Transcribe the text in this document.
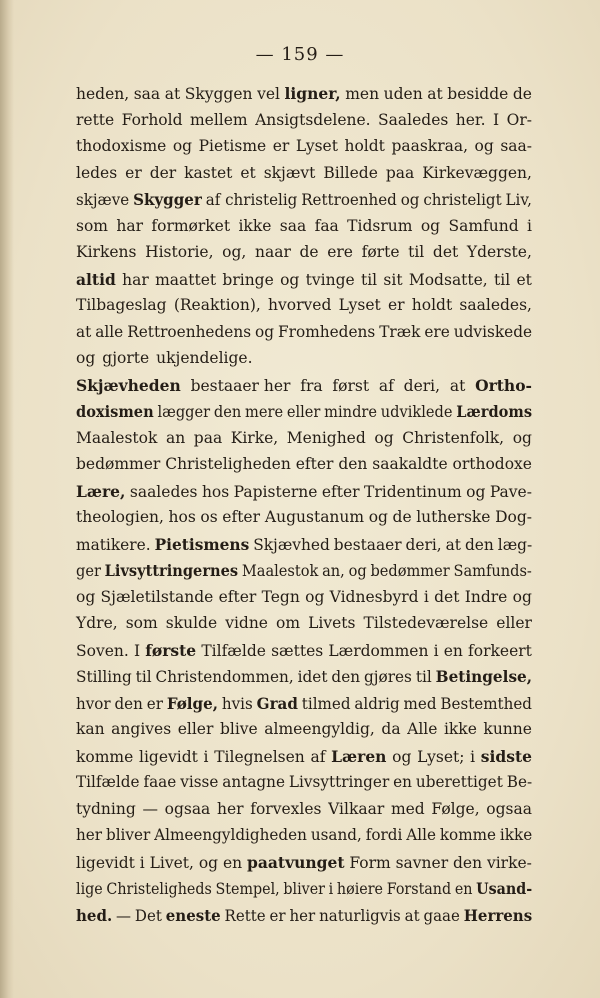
— 159 —
heden, saa at Skyggen vel ligner, men uden at besidde de
rette Forhold mellem Ansigtsdelene. Saaledes her. I Or-
thodoxisme og Pietisme er Lyset holdt paaskraa, og saa-
ledes er der kastet et skjævt Billede paa Kirkevæggen,
skjæve Skygger af christelig Rettroenhed og christeligt Liv,
som har formørket ikke saa faa Tidsrum og Samfund i
Kirkens Historie, og, naar de ere førte til det Yderste,
altid har maattet bringe og tvinge til sit Modsatte, til et
Tilbageslag (Reaktion), hvorved Lyset er holdt saaledes,
at alle Rettroenhedens og Fromhedens Træk ere udviskede
og gjorte ukjendelige.
Skjævheden bestaaer her fra først af deri, at Ortho-
doxismen lægger den mere eller mindre udviklede Lærdoms
Maalestok an paa Kirke, Menighed og Christenfolk, og
bedømmer Christeligheden efter den saakaldte orthodoxe
Lære, saaledes hos Papisterne efter Tridentinum og Pave-
theologien, hos os efter Augustanum og de lutherske Dog-
matikere. Pietismens Skjævhed bestaaer deri, at den læg-
ger Livsyttringernes Maalestok an, og bedømmer Samfunds-
og Sjæletilstande efter Tegn og Vidnesbyrd i det Indre og
Ydre, som skulde vidne om Livets Tilstedeværelse eller
Soven. I første Tilfælde sættes Lærdommen i en forkeert
Stilling til Christendommen, idet den gjøres til Betingelse,
hvor den er Følge, hvis Grad tilmed aldrig med Bestemthed
kan angives eller blive almeengyldig, da Alle ikke kunne
komme ligevidt i Tilegnelsen af Læren og Lyset; i sidste
Tilfælde faae visse antagne Livsyttringer en uberettiget Be-
tydning — ogsaa her forvexles Vilkaar med Følge, ogsaa
her bliver Almeengyldigheden usand, fordi Alle komme ikke
ligevidt i Livet, og en paatvunget Form savner den virke-
lige Christeligheds Stempel, bliver i høiere Forstand en Usand-
hed. — Det eneste Rette er her naturligvis at gaae Herrens
